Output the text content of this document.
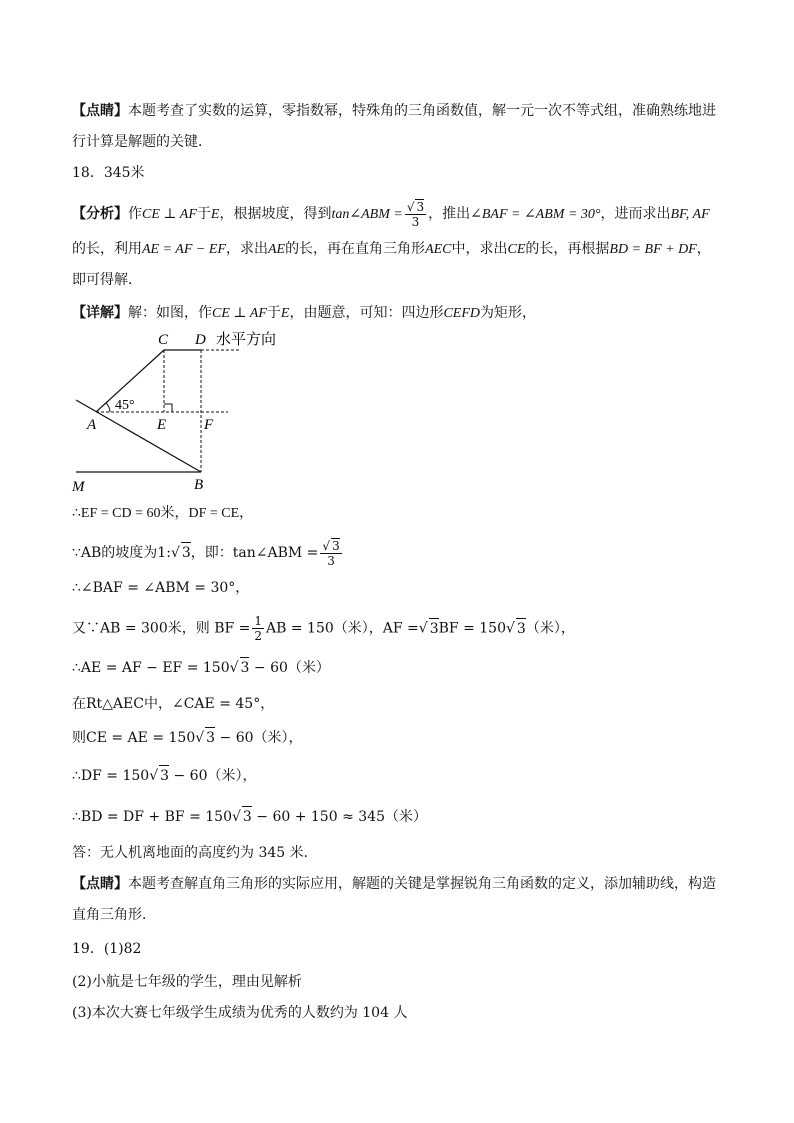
【点睛】本题考查了实数的运算，零指数幂，特殊角的三角函数值，解一元一次不等式组，准确熟练地进
行计算是解题的关键．
18．345米
【分析】作CE ⊥ AF于E，根据坡度，得到tan∠ABM = $\frac{√ 3}{3}$ ，推出∠BAF = ∠ABM = 30°，进而求出BF, AF
的长，利用AE = AF − EF，求出AE的长，再在直角三角形AEC中，求出CE的长，再根据BD = BF + DF，
即可得解．
【详解】解：如图，作CE ⊥ AF于E，由题意，可知：四边形CEFD为矩形，
C D 水平方向
45°
A	E	F
M	B
∴EF = CD = 60米，DF = CE，
∵AB的坡度为1:√ 3，即：tan∠ABM = $\frac{√ 3}{3}$
∴∠BAF = ∠ABM = 30°，
又∵AB = 300米，则 BF = $\frac{1}{2}$ AB = 150（米），AF =√ 3BF = 150√ 3（米），
∴AE = AF − EF = 150√ 3 − 60（米）
在Rt△AEC中，∠CAE = 45°，
则CE = AE = 150√ 3 − 60（米），
∴DF = 150√ 3 − 60（米），
∴BD = DF + BF = 150√ 3 − 60 + 150 ≈ 345（米）
答：无人机离地面的高度约为 345 米．
【点睛】本题考查解直角三角形的实际应用，解题的关键是掌握锐角三角函数的定义，添加辅助线，构造
直角三角形．
19．(1)82
(2)小航是七年级的学生，理由见解析
(3)本次大赛七年级学生成绩为优秀的人数约为 104 人
